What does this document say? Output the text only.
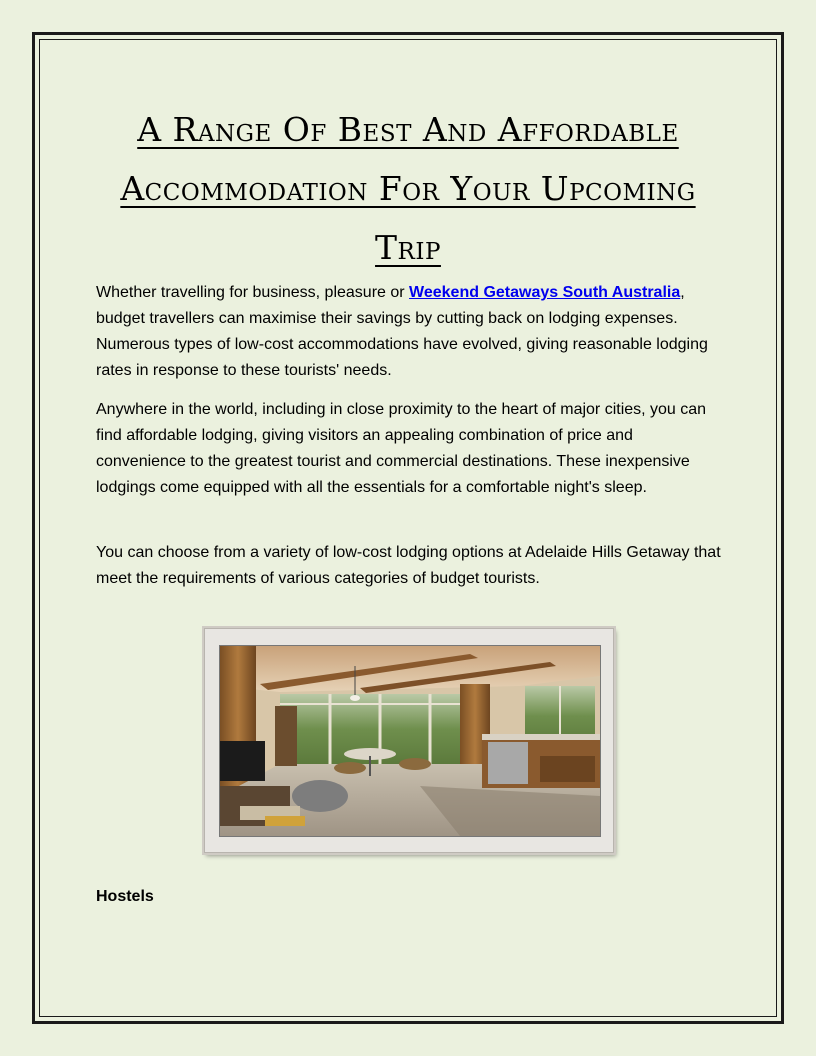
A Range Of Best And Affordable Accommodation For Your Upcoming Trip

Whether travelling for business, pleasure or Weekend Getaways South Australia, budget travellers can maximise their savings by cutting back on lodging expenses. Numerous types of low-cost accommodations have evolved, giving reasonable lodging rates in response to these tourists' needs.

Anywhere in the world, including in close proximity to the heart of major cities, you can find affordable lodging, giving visitors an appealing combination of price and convenience to the greatest tourist and commercial destinations. These inexpensive lodgings come equipped with all the essentials for a comfortable night's sleep.

You can choose from a variety of low-cost lodging options at Adelaide Hills Getaway that meet the requirements of various categories of budget tourists.

Hostels
